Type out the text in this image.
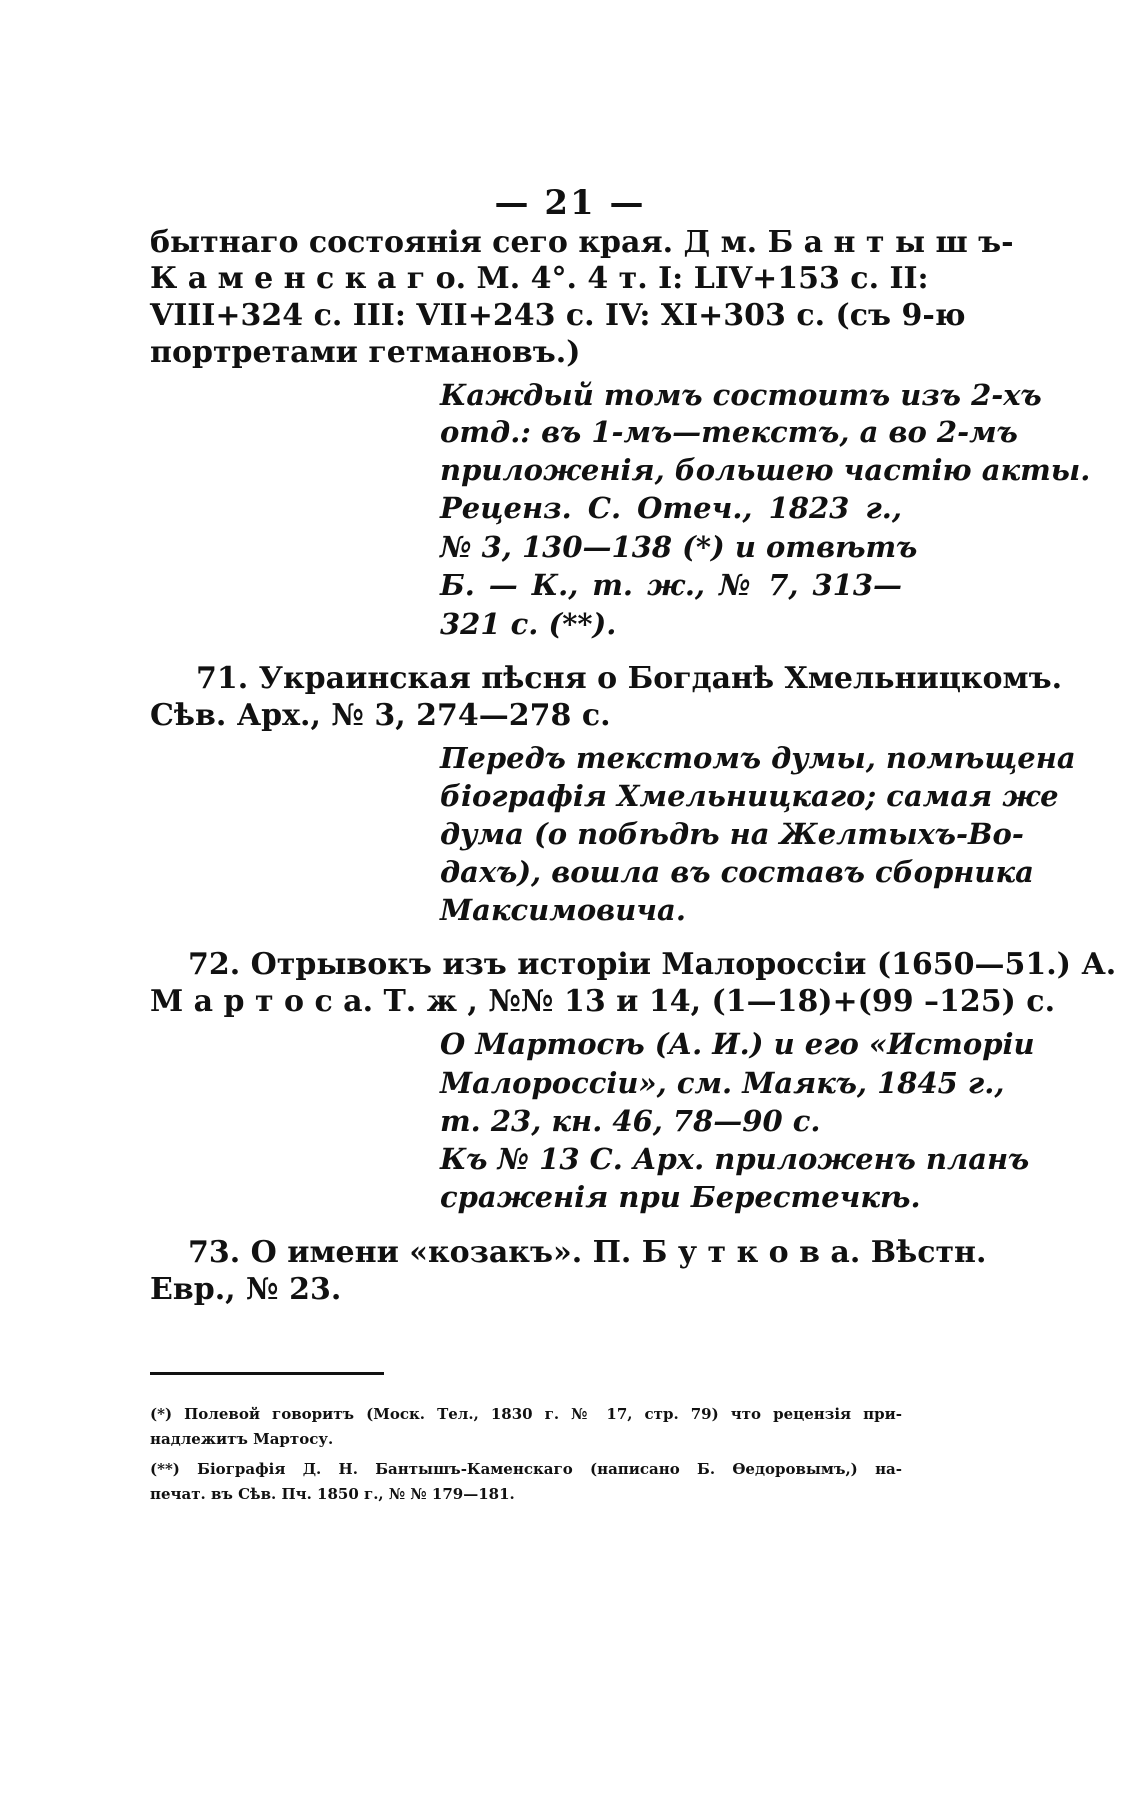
— 21 —
бытнаго состоянія сего края. Д м. Б а н т ы ш ъ-
К а м е н с к а г о. М. 4°. 4 т. I: LIV+153 с. II:
VIII+324 с. III: VII+243 с. IV: XI+303 с. (съ 9-ю
портретами гетмановъ.)
Каждый томъ состоитъ изъ 2-хъ
отд.: въ 1-мъ—текстъ, а во 2-мъ
приложенія, большею частію акты.
Реценз. С. Отеч., 1823 г.,
№ 3, 130—138 (*) и отвѣтъ
Б. — К., т. ж., № 7, 313—
321 с. (**).
71. Украинская пѣсня о Богданѣ Хмельницкомъ.
Сѣв. Арх., № 3, 274—278 с.
Передъ текстомъ думы, помѣщена
біографія Хмельницкаго; самая же
дума (о побѣдѣ на Желтыхъ-Во-
дахъ), вошла въ составъ сборника
Максимовича.
72. Отрывокъ изъ исторіи Малороссіи (1650—51.) А.
М а р т о с а. Т. ж , №№ 13 и 14, (1—18)+(99 –125) с.
О Мартосѣ (А. И.) и его «Исторіи
Малороссіи», см. Маякъ, 1845 г.,
т. 23, кн. 46, 78—90 с.
Къ № 13 С. Арх. приложенъ планъ
сраженія при Берестечкѣ.
73. О имени «козакъ». П. Б у т к о в а. Вѣстн.
Евр., № 23.
(*) Полевой говоритъ (Моск. Тел., 1830 г. № 17, стр. 79) что рецензія при-
надлежитъ Мартосу.
(**) Біографія Д. Н. Бантышъ-Каменскаго (написано Б. Ѳедоровымъ,) на-
печат. въ Сѣв. Пч. 1850 г., № № 179—181.
